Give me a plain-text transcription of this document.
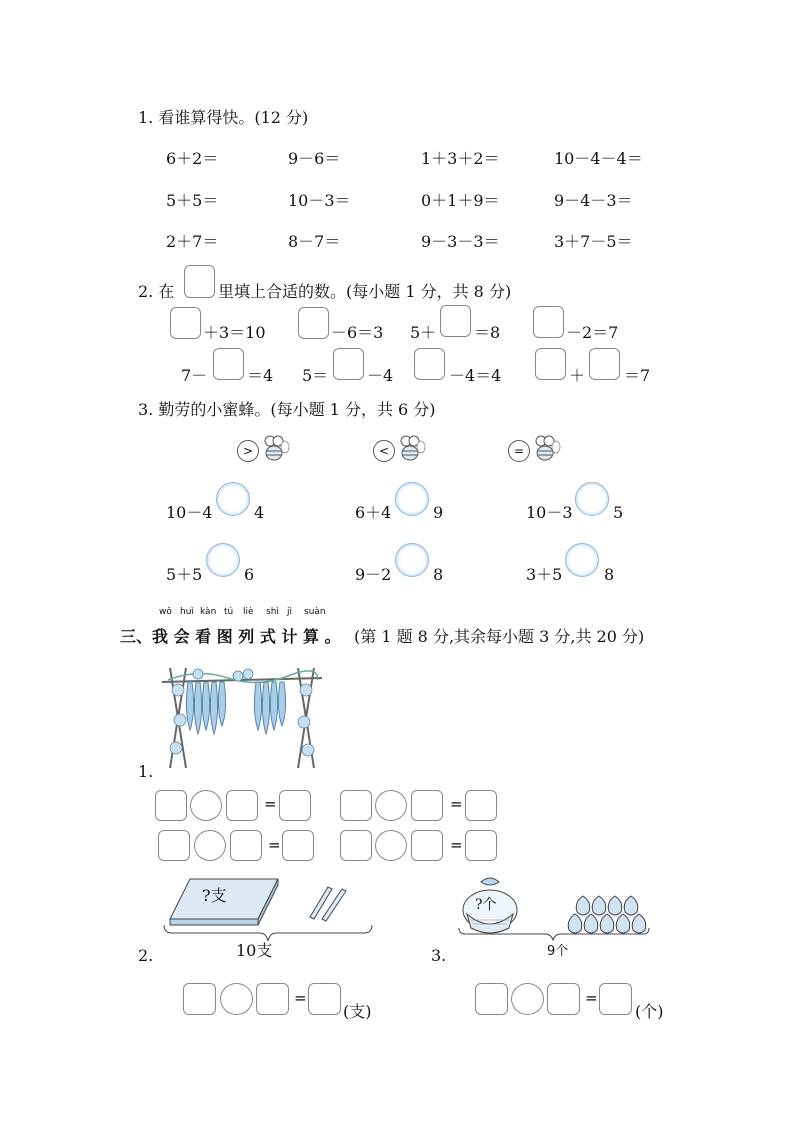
1. 看谁算得快。(12 分)
6＋2＝	9－6＝	1＋3＋2＝	10－4－4＝
5＋5＝	10－3＝	0＋1＋9＝	9－4－3＝
2＋7＝	8－7＝	9－3－3＝	3＋7－5＝
2. 在	里填上合适的数。(每小题 1 分，共 8 分)
＋3＝10	－6＝3 5＋ ＝8	－2＝7
7－ ＝4 5＝ －4	－4＝4	＋ ＝7
3. 勤劳的小蜜蜂。(每小题 1 分，共 6 分)
>	<	=
10－4	4	6＋4	9	10－3	5
5＋5	6	9－2	8	3＋5	8
wǒ huì kàn tú liè shì jì suàn
三、我 会 看 图 列 式 计 算 。 (第 1 题 8 分,其余每小题 3 分,共 20 分)
1.
=	=
=	=
?支
10支
2.
?个
9个
3.
=
(支)
=
(个)
